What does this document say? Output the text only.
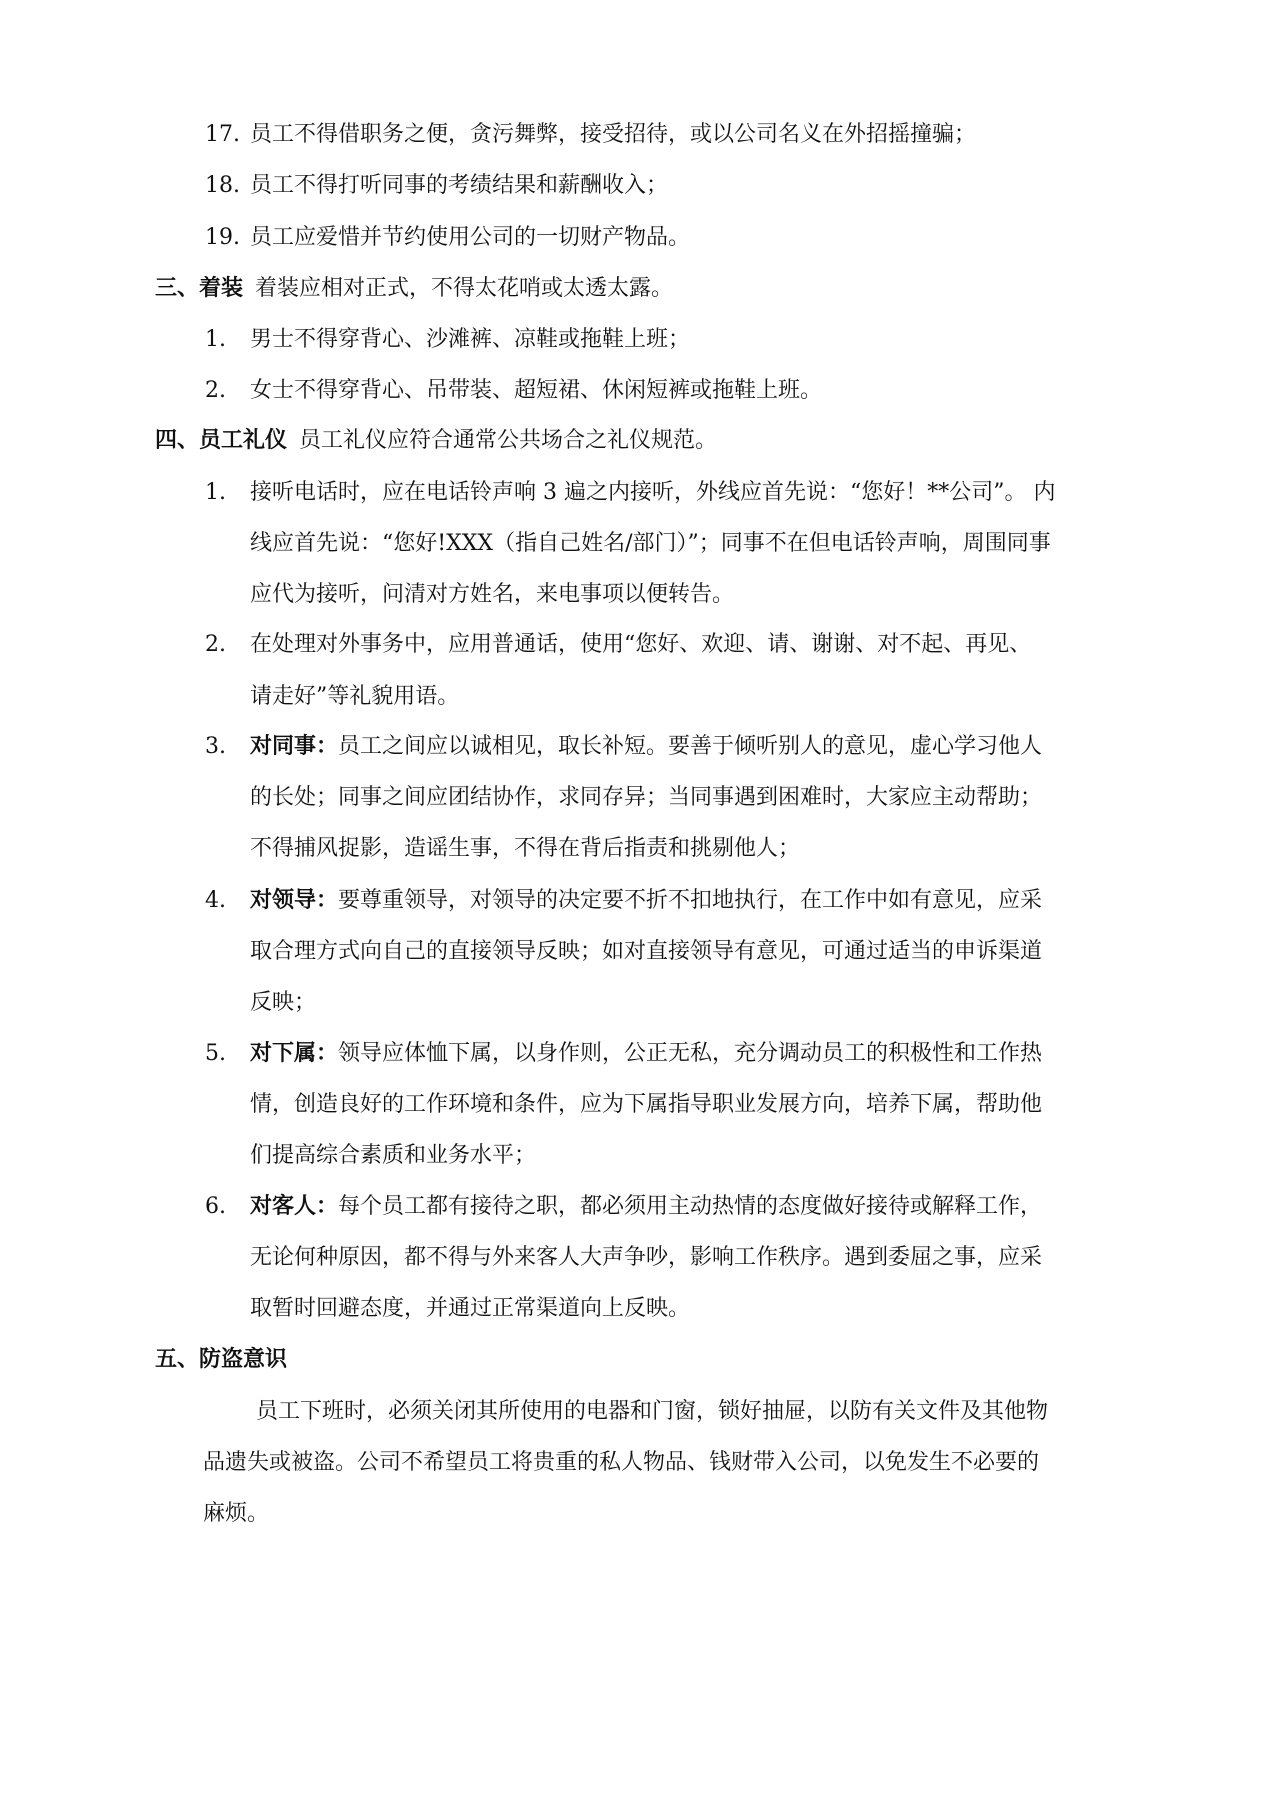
17. 员工不得借职务之便，贪污舞弊，接受招待，或以公司名义在外招摇撞骗；
18. 员工不得打听同事的考绩结果和薪酬收入；
19. 员工应爱惜并节约使用公司的一切财产物品。
三、着装 着装应相对正式，不得太花哨或太透太露。
1. 男士不得穿背心、沙滩裤、凉鞋或拖鞋上班；
2. 女士不得穿背心、吊带装、超短裙、休闲短裤或拖鞋上班。
四、员工礼仪 员工礼仪应符合通常公共场合之礼仪规范。
1. 接听电话时，应在电话铃声响 3 遍之内接听，外线应首先说：“您好！**公司”。 内
线应首先说：“您好!XXX（指自己姓名/部门）”；同事不在但电话铃声响，周围同事
应代为接听，问清对方姓名，来电事项以便转告。
2. 在处理对外事务中，应用普通话，使用“您好、欢迎、请、谢谢、对不起、再见、
请走好”等礼貌用语。
3. 对同事：员工之间应以诚相见，取长补短。要善于倾听别人的意见，虚心学习他人
的长处；同事之间应团结协作，求同存异；当同事遇到困难时，大家应主动帮助；
不得捕风捉影，造谣生事，不得在背后指责和挑剔他人；
4. 对领导：要尊重领导，对领导的决定要不折不扣地执行，在工作中如有意见，应采
取合理方式向自己的直接领导反映；如对直接领导有意见，可通过适当的申诉渠道
反映；
5. 对下属：领导应体恤下属，以身作则，公正无私，充分调动员工的积极性和工作热
情，创造良好的工作环境和条件，应为下属指导职业发展方向，培养下属，帮助他
们提高综合素质和业务水平；
6. 对客人：每个员工都有接待之职，都必须用主动热情的态度做好接待或解释工作，
无论何种原因，都不得与外来客人大声争吵，影响工作秩序。遇到委屈之事，应采
取暂时回避态度，并通过正常渠道向上反映。
五、防盗意识
员工下班时，必须关闭其所使用的电器和门窗，锁好抽屉，以防有关文件及其他物
品遗失或被盗。公司不希望员工将贵重的私人物品、钱财带入公司，以免发生不必要的
麻烦。
